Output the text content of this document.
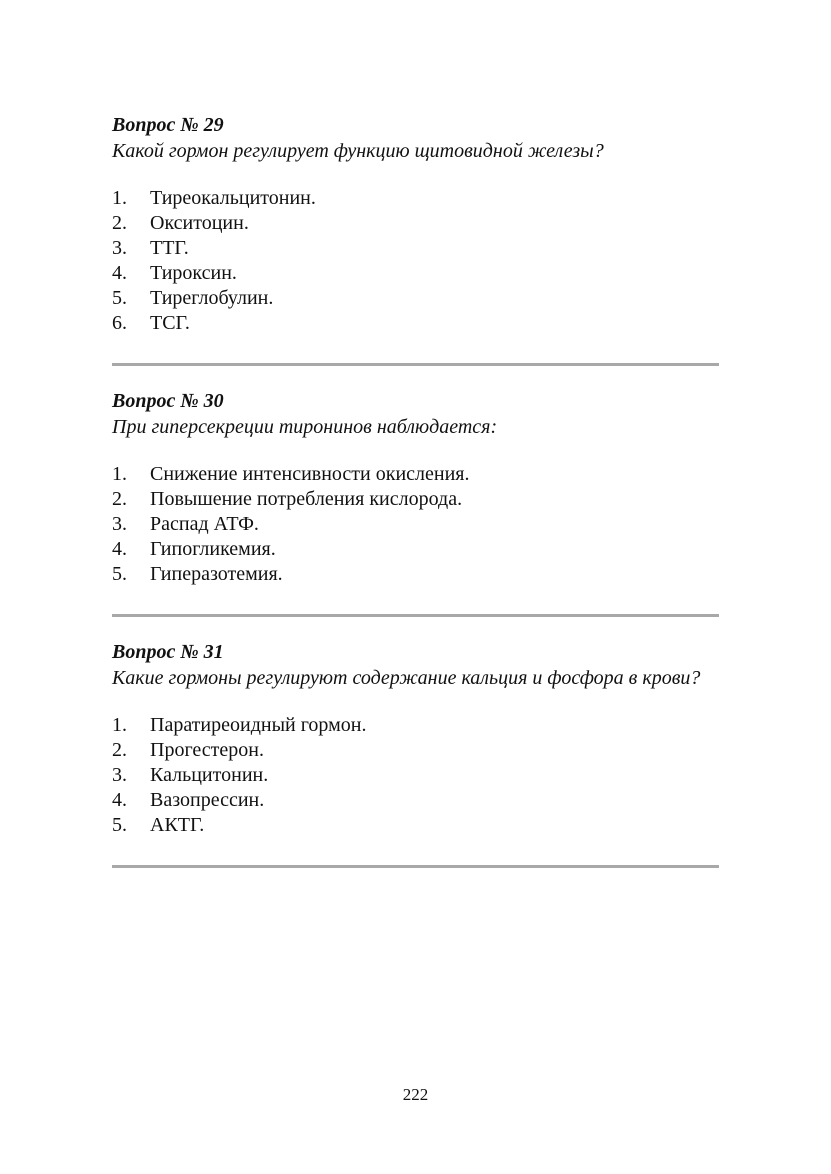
Вопрос № 29
Какой гормон регулирует функцию щитовидной железы?
1.	Тиреокальцитонин.
2.	Окситоцин.
3.	ТТГ.
4.	Тироксин.
5.	Тиреглобулин.
6.	ТСГ.
Вопрос № 30
При гиперсекреции тиронинов наблюдается:
1.	Снижение интенсивности окисления.
2.	Повышение потребления кислорода.
3.	Распад АТФ.
4.	Гипогликемия.
5.	Гиперазотемия.
Вопрос № 31
Какие гормоны регулируют содержание кальция и фосфора в крови?
1.	Паратиреоидный гормон.
2.	Прогестерон.
3.	Кальцитонин.
4.	Вазопрессин.
5.	АКТГ.
222
